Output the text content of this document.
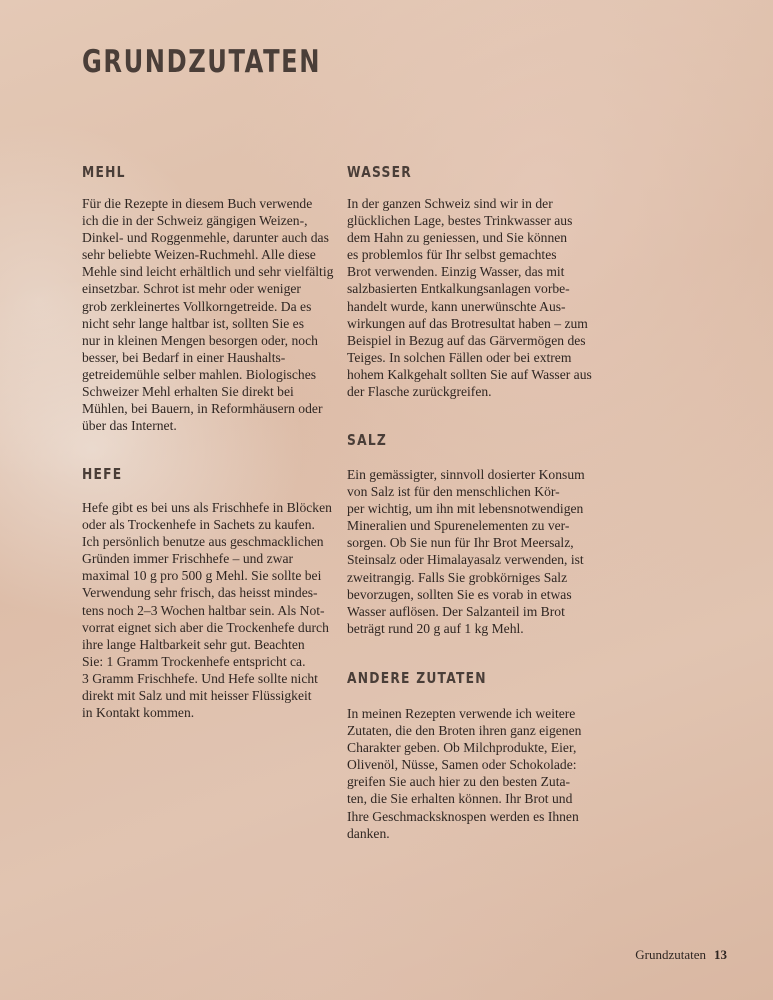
GRUNDZUTATEN
MEHL

Für die Rezepte in diesem Buch verwende
ich die in der Schweiz gängigen Weizen-,
Dinkel- und Roggenmehle, darunter auch das
sehr beliebte Weizen-Ruchmehl. Alle diese
Mehle sind leicht erhältlich und sehr vielfältig
einsetzbar. Schrot ist mehr oder weniger
grob zerkleinertes Vollkorngetreide. Da es
nicht sehr lange haltbar ist, sollten Sie es
nur in kleinen Mengen besorgen oder, noch
besser, bei Bedarf in einer Haushalts-
getreidemühle selber mahlen. Biologisches
Schweizer Mehl erhalten Sie direkt bei
Mühlen, bei Bauern, in Reformhäusern oder
über das Internet.

HEFE

Hefe gibt es bei uns als Frischhefe in Blöcken
oder als Trockenhefe in Sachets zu kaufen.
Ich persönlich benutze aus geschmacklichen
Gründen immer Frischhefe – und zwar
maximal 10 g pro 500 g Mehl. Sie sollte bei
Verwendung sehr frisch, das heisst mindes-
tens noch 2–3 Wochen haltbar sein. Als Not-
vorrat eignet sich aber die Trockenhefe durch
ihre lange Haltbarkeit sehr gut. Beachten
Sie: 1 Gramm Trockenhefe entspricht ca.
3 Gramm Frischhefe. Und Hefe sollte nicht
direkt mit Salz und mit heisser Flüssigkeit
in Kontakt kommen.

WASSER

In der ganzen Schweiz sind wir in der
glücklichen Lage, bestes Trinkwasser aus
dem Hahn zu geniessen, und Sie können
es problemlos für Ihr selbst gemachtes
Brot verwenden. Einzig Wasser, das mit
salzbasierten Entkalkungsanlagen vorbe-
handelt wurde, kann unerwünschte Aus-
wirkungen auf das Brotresultat haben – zum
Beispiel in Bezug auf das Gärvermögen des
Teiges. In solchen Fällen oder bei extrem
hohem Kalkgehalt sollten Sie auf Wasser aus
der Flasche zurückgreifen.

SALZ

Ein gemässigter, sinnvoll dosierter Konsum
von Salz ist für den menschlichen Kör-
per wichtig, um ihn mit lebensnotwendigen
Mineralien und Spurenelementen zu ver-
sorgen. Ob Sie nun für Ihr Brot Meersalz,
Steinsalz oder Himalayasalz verwenden, ist
zweitrangig. Falls Sie grobkörniges Salz
bevorzugen, sollten Sie es vorab in etwas
Wasser auflösen. Der Salzanteil im Brot
beträgt rund 20 g auf 1 kg Mehl.

ANDERE ZUTATEN

In meinen Rezepten verwende ich weitere
Zutaten, die den Broten ihren ganz eigenen
Charakter geben. Ob Milchprodukte, Eier,
Olivenöl, Nüsse, Samen oder Schokolade:
greifen Sie auch hier zu den besten Zuta-
ten, die Sie erhalten können. Ihr Brot und
Ihre Geschmacksknospen werden es Ihnen
danken.

Grundzutaten 13
